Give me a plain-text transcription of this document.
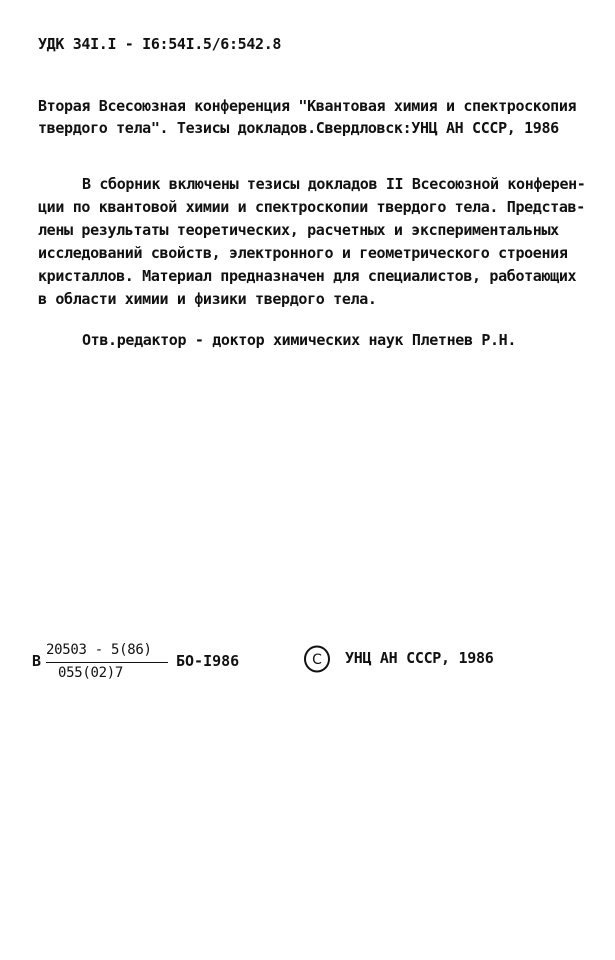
УДК 34I.I - I6:54I.5/6:542.8
Вторая Всесоюзная конференция "Квантовая химия и спектроскопия
твердого тела". Тезисы докладов.Свердловск:УНЦ АН СССР, 1986
В сборник включены тезисы докладов II Всесоюзной конферен-
ции по квантовой химии и спектроскопии твердого тела. Представ-
лены результаты теоретических, расчетных и экспериментальных
исследований свойств, электронного и геометрического строения
кристаллов. Материал предназначен для специалистов, работающих
в области химии и физики твердого тела.
Отв.редактор - доктор химических наук Плетнев Р.Н.
В
20503 - 5(86)
055(02)7
БО-I986	C УНЦ АН СССР, 1986
